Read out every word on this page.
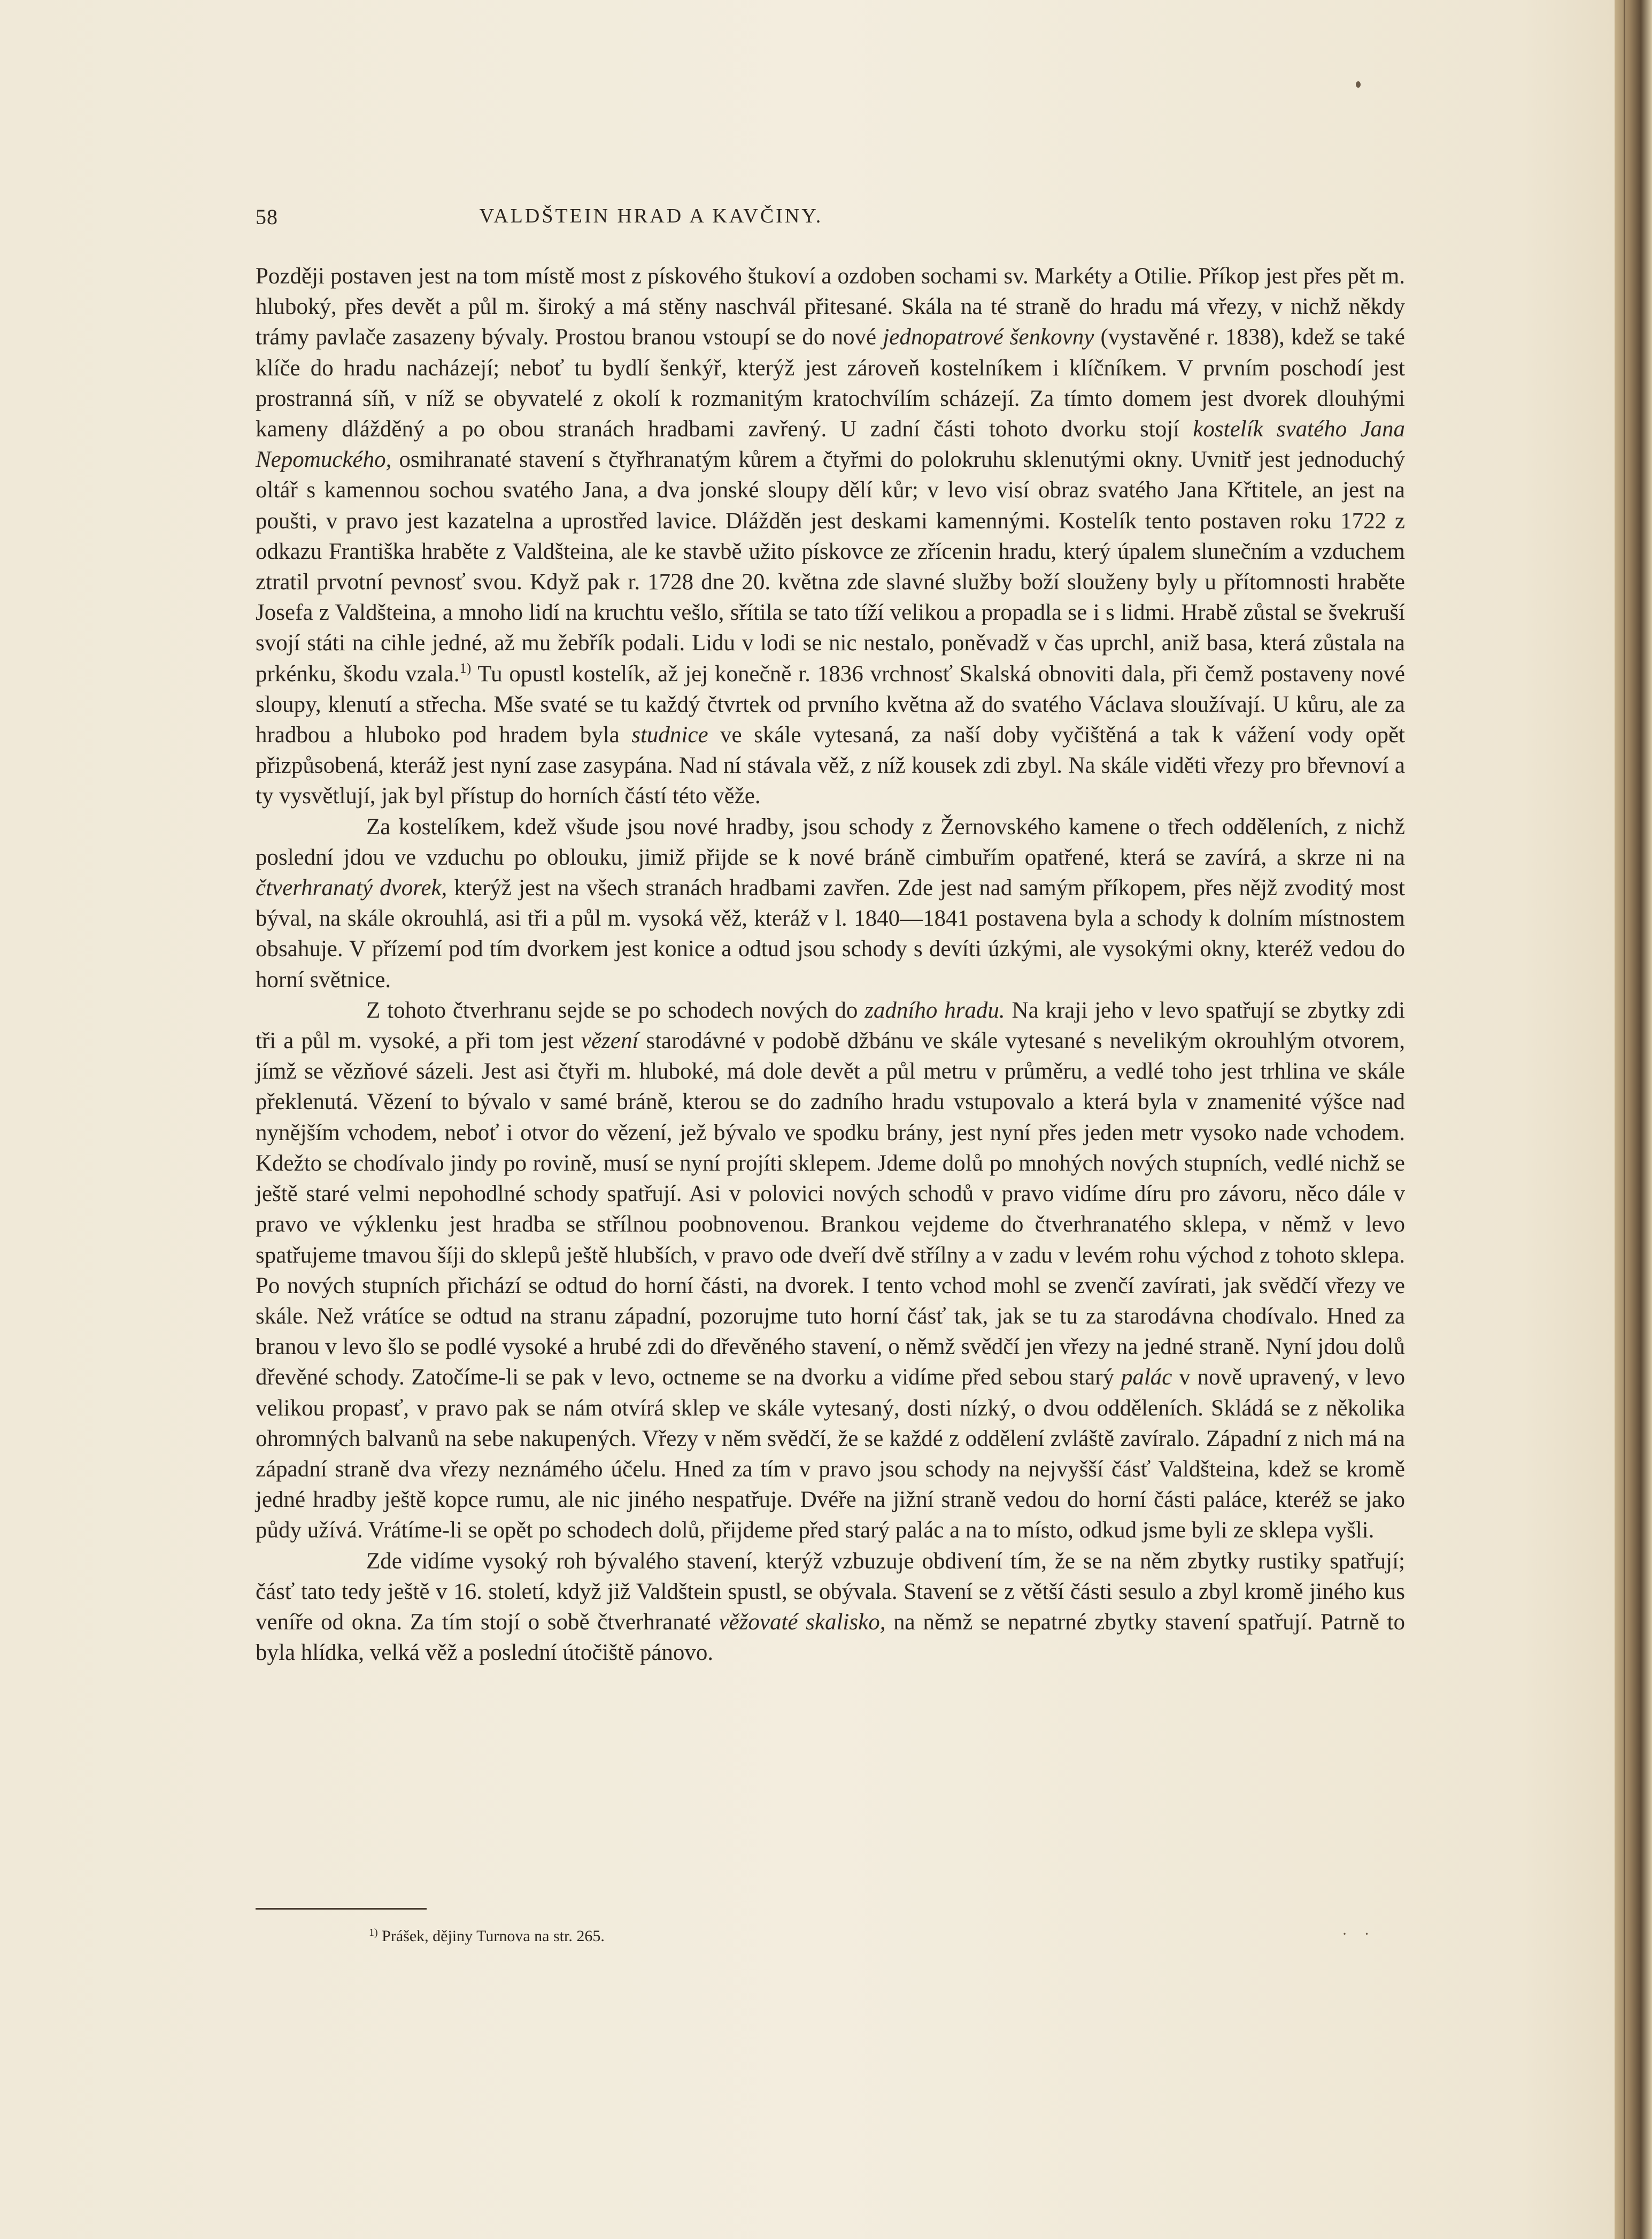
58	VALDŠTEIN HRAD A KAVČINY.

Později postaven jest na tom místě most z pískového štukoví a ozdoben sochami sv. Markéty a Otilie. Příkop jest přes pět m. hluboký, přes devět a půl m. široký a má stěny naschvál přitesané. Skála na té straně do hradu má vřezy, v nichž někdy trámy pavlače zasazeny bývaly. Prostou branou vstoupí se do nové jednopatrové šenkovny (vystavěné r. 1838), kdež se také klíče do hradu nacházejí; neboť tu bydlí šenkýř, kterýž jest zároveň kostelníkem i klíčníkem. V prvním poschodí jest prostranná síň, v níž se obyvatelé z okolí k rozmanitým kratochvílím scházejí. Za tímto domem jest dvorek dlouhými kameny dlážděný a po obou stranách hradbami zavřený. U zadní části tohoto dvorku stojí kostelík svatého Jana Nepomuckého, osmihranaté stavení s čtyřhranatým kůrem a čtyřmi do polokruhu sklenutými okny. Uvnitř jest jednoduchý oltář s kamennou sochou svatého Jana, a dva jonské sloupy dělí kůr; v levo visí obraz svatého Jana Křtitele, an jest na poušti, v pravo jest kazatelna a uprostřed lavice. Dlážděn jest deskami kamennými. Kostelík tento postaven roku 1722 z odkazu Františka hraběte z Valdšteina, ale ke stavbě užito pískovce ze zřícenin hradu, který úpalem slunečním a vzduchem ztratil prvotní pevnosť svou. Když pak r. 1728 dne 20. května zde slavné služby boží slouženy byly u přítomnosti hraběte Josefa z Valdšteina, a mnoho lidí na kruchtu vešlo, sřítila se tato tíží velikou a propadla se i s lidmi. Hrabě zůstal se švekruší svojí státi na cihle jedné, až mu žebřík podali. Lidu v lodi se nic nestalo, poněvadž v čas uprchl, aniž basa, která zůstala na prkénku, škodu vzala.$^{1)}$ Tu opustl kostelík, až jej konečně r. 1836 vrchnosť Skalská obnoviti dala, při čemž postaveny nové sloupy, klenutí a střecha. Mše svaté se tu každý čtvrtek od prvního května až do svatého Václava sloužívají. U kůru, ale za hradbou a hluboko pod hradem byla studnice ve skále vytesaná, za naší doby vyčištěná a tak k vážení vody opět přizpůsobená, kteráž jest nyní zase zasypána. Nad ní stávala věž, z níž kousek zdi zbyl. Na skále viděti vřezy pro břevnoví a ty vysvětlují, jak byl přístup do horních částí této věže.

Za kostelíkem, kdež všude jsou nové hradby, jsou schody z Žernovského kamene o třech odděleních, z nichž poslední jdou ve vzduchu po oblouku, jimiž přijde se k nové bráně cimbuřím opatřené, která se zavírá, a skrze ni na čtverhranatý dvorek, kterýž jest na všech stranách hradbami zavřen. Zde jest nad samým příkopem, přes nějž zvoditý most býval, na skále okrouhlá, asi tři a půl m. vysoká věž, kteráž v l. 1840—1841 postavena byla a schody k dolním místnostem obsahuje. V přízemí pod tím dvorkem jest konice a odtud jsou schody s devíti úzkými, ale vysokými okny, kteréž vedou do horní světnice.

Z tohoto čtverhranu sejde se po schodech nových do zadního hradu. Na kraji jeho v levo spatřují se zbytky zdi tři a půl m. vysoké, a při tom jest vězení starodávné v podobě džbánu ve skále vytesané s nevelikým okrouhlým otvorem, jímž se vězňové sázeli. Jest asi čtyři m. hluboké, má dole devět a půl metru v průměru, a vedlé toho jest trhlina ve skále překlenutá. Vězení to bývalo v samé bráně, kterou se do zadního hradu vstupovalo a která byla v znamenité výšce nad nynějším vchodem, neboť i otvor do vězení, jež bývalo ve spodku brány, jest nyní přes jeden metr vysoko nade vchodem. Kdežto se chodívalo jindy po rovině, musí se nyní projíti sklepem. Jdeme dolů po mnohých nových stupních, vedlé nichž se ještě staré velmi nepohodlné schody spatřují. Asi v polovici nových schodů v pravo vidíme díru pro závoru, něco dále v pravo ve výklenku jest hradba se střílnou poobnovenou. Brankou vejdeme do čtverhranatého sklepa, v němž v levo spatřujeme tmavou šíji do sklepů ještě hlubších, v pravo ode dveří dvě střílny a v zadu v levém rohu východ z tohoto sklepa. Po nových stupních přichází se odtud do horní části, na dvorek. I tento vchod mohl se zvenčí zavírati, jak svědčí vřezy ve skále. Než vrátíce se odtud na stranu západní, pozorujme tuto horní čásť tak, jak se tu za starodávna chodívalo. Hned za branou v levo šlo se podlé vysoké a hrubé zdi do dřevěného stavení, o němž svědčí jen vřezy na jedné straně. Nyní jdou dolů dřevěné schody. Zatočíme-li se pak v levo, octneme se na dvorku a vidíme před sebou starý palác v nově upravený, v levo velikou propasť, v pravo pak se nám otvírá sklep ve skále vytesaný, dosti nízký, o dvou odděleních. Skládá se z několika ohromných balvanů na sebe nakupených. Vřezy v něm svědčí, že se každé z oddělení zvláště zavíralo. Západní z nich má na západní straně dva vřezy neznámého účelu. Hned za tím v pravo jsou schody na nejvyšší čásť Valdšteina, kdež se kromě jedné hradby ještě kopce rumu, ale nic jiného nespatřuje. Dvéře na jižní straně vedou do horní části paláce, kteréž se jako půdy užívá. Vrátíme-li se opět po schodech dolů, přijdeme před starý palác a na to místo, odkud jsme byli ze sklepa vyšli.

Zde vidíme vysoký roh bývalého stavení, kterýž vzbuzuje obdivení tím, že se na něm zbytky rustiky spatřují; čásť tato tedy ještě v 16. století, když již Valdštein spustl, se obývala. Stavení se z větší části sesulo a zbyl kromě jiného kus veníře od okna. Za tím stojí o sobě čtverhranaté věžovaté skalisko, na němž se nepatrné zbytky stavení spatřují. Patrně to byla hlídka, velká věž a poslední útočiště pánovo.

$^{1)}$ Prášek, dějiny Turnova na str. 265.	· ·
